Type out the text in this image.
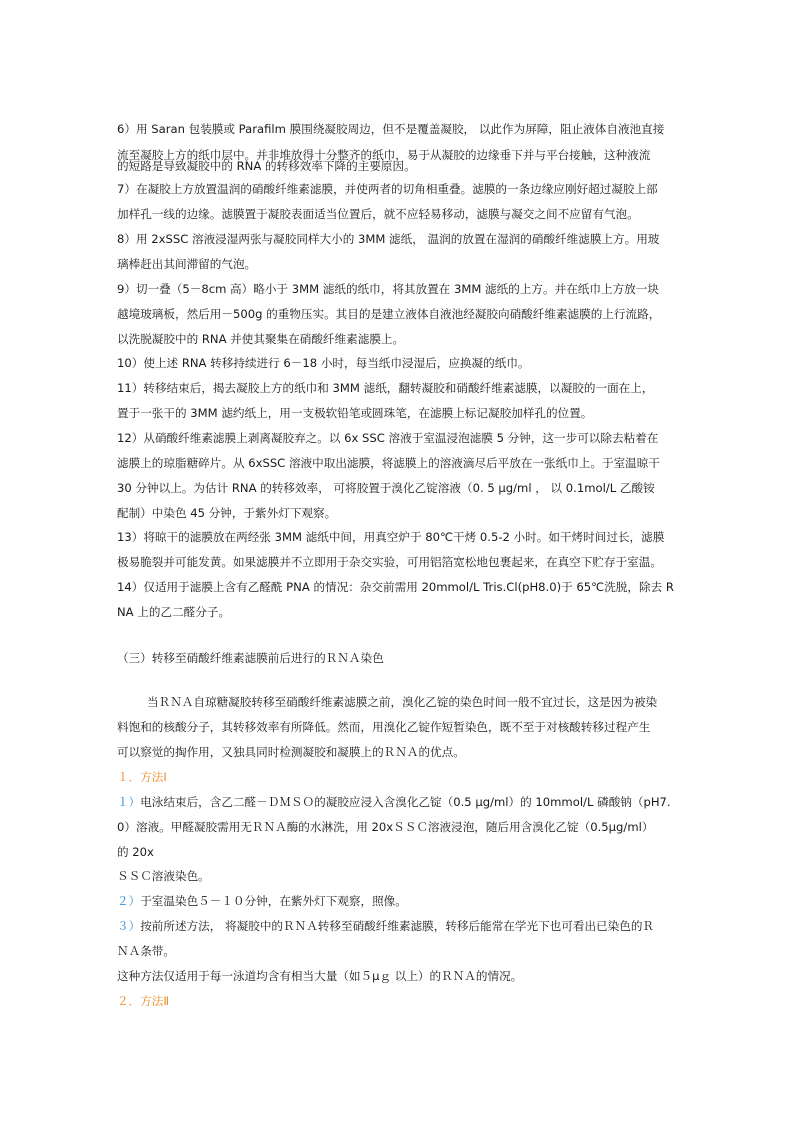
6）用 Saran 包装膜或 Parafilm 膜围绕凝胶周边，但不是覆盖凝胶， 以此作为屏障，阻止液体自液池直接
流至凝胶上方的纸巾层中。并非堆放得十分整齐的纸巾，易于从凝胶的边缘垂下并与平台接触，这种液流
的短路是导致凝胶中的 RNA 的转移效率下降的主要原因。
7）在凝胶上方放置温润的硝酸纤维素滤膜，并使两者的切角相重叠。滤膜的一条边缘应刚好超过凝胶上部
加样孔一线的边缘。滤膜置于凝胶表面适当位置后，就不应轻易移动，滤膜与凝交之间不应留有气泡。
8）用 2xSSC 溶液浸湿两张与凝胶同样大小的 3MM 滤纸， 温润的放置在湿润的硝酸纤维滤膜上方。用玻
璃棒赶出其间滞留的气泡。
9）切一叠（5－8cm 高）略小于 3MM 滤纸的纸巾，将其放置在 3MM 滤纸的上方。并在纸巾上方放一块
越境玻璃板，然后用－500g 的重物压实。其目的是建立液体自液池经凝胶向硝酸纤维素滤膜的上行流路，
以洗脱凝胶中的 RNA 并使其聚集在硝酸纤维素滤膜上。
10）使上述 RNA 转移持续进行 6－18 小时，每当纸巾浸湿后，应换凝的纸巾。
11）转移结束后，揭去凝胶上方的纸巾和 3MM 滤纸，翻转凝胶和硝酸纤维素滤膜，以凝胶的一面在上，
置于一张干的 3MM 滤约纸上，用一支极软铅笔或圆珠笔，在滤膜上标记凝胶加样孔的位置。
12）从硝酸纤维素滤膜上剥离凝胶弃之。以 6x SSC 溶液于室温浸泡滤膜 5 分钟，这一步可以除去粘着在
滤膜上的琼脂糖碎片。从 6xSSC 溶液中取出滤膜，将滤膜上的溶液滴尽后平放在一张纸巾上。于室温晾干
30 分钟以上。为估计 RNA 的转移效率， 可将胶置于溴化乙锭溶液（0. 5 µg/ml ， 以 0.1mol/L 乙酸铵
配制）中染色 45 分钟，于紫外灯下观察。
13）将晾干的滤膜放在两经张 3MM 滤纸中间，用真空炉于 80℃干烤 0.5-2 小时。如干烤时间过长，滤膜
极易脆裂并可能发黄。如果滤膜并不立即用于杂交实验，可用铝箔宽松地包裹起来，在真空下贮存于室温。
14）仅适用于滤膜上含有乙醛酰 PNA 的情况：杂交前需用 20mmol/L Tris.Cl(pH8.0)于 65℃洗脱，除去 R
NA 上的乙二醛分子。
（三）转移至硝酸纤维素滤膜前后进行的ＲＮＡ染色
当ＲＮＡ自琼糖凝胶转移至硝酸纤维素滤膜之前，溴化乙锭的染色时间一般不宜过长，这是因为被染
料饱和的核酸分子，其转移效率有所降低。然而，用溴化乙锭作短暂染色，既不至于对核酸转移过程产生
可以察觉的掏作用，又独具同时检测凝胶和凝膜上的ＲＮＡ的优点。
１．方法Ⅰ
１）电泳结束后，含乙二醛－ＤＭＳＯ的凝胶应浸入含溴化乙锭（0.5 µg/ml）的 10mmol/L 磷酸钠（pH7.
0）溶液。甲醛凝胶需用无ＲＮＡ酶的水淋洗，用 20xＳＳＣ溶液浸泡，随后用含溴化乙锭（0.5µg/ml）
的 20x
ＳＳＣ溶液染色。
２）于室温染色５－１０分钟，在紫外灯下观察，照像。
３）按前所述方法， 将凝胶中的ＲＮＡ转移至硝酸纤维素滤膜，转移后能常在学光下也可看出已染色的Ｒ
ＮＡ条带。
这种方法仅适用于每一泳道均含有相当大量（如５µｇ 以上）的ＲＮＡ的情况。
２．方法Ⅱ
